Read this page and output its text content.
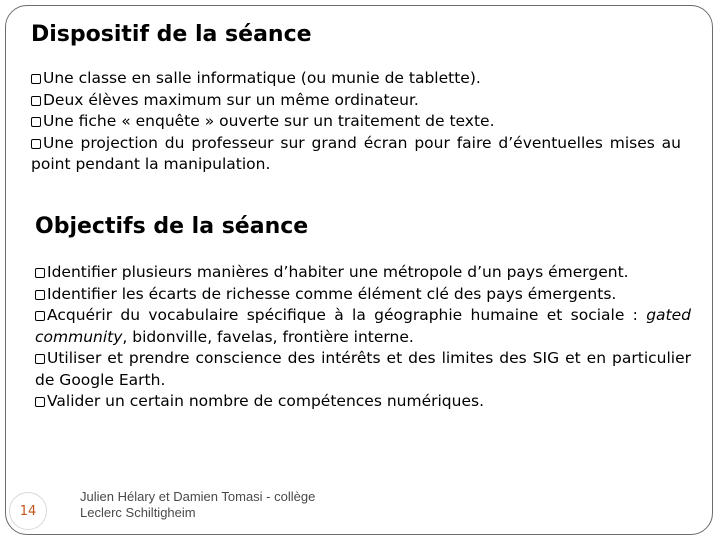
Dispositif de la séance
Une classe en salle informatique (ou munie de tablette).
Deux élèves maximum sur un même ordinateur.
Une fiche « enquête » ouverte sur un traitement de texte.
Une projection du professeur sur grand écran pour faire d’éventuelles mises au point pendant la manipulation.
Objectifs de la séance
Identifier plusieurs manières d’habiter une métropole d’un pays émergent.
Identifier les écarts de richesse comme élément clé des pays émergents.
Acquérir du vocabulaire spécifique à la géographie humaine et sociale : gated community, bidonville, favelas, frontière interne.
Utiliser et prendre conscience des intérêts et des limites des SIG et en particulier de Google Earth.
Valider un certain nombre de compétences numériques.
14
Julien Hélary et Damien Tomasi - collège Leclerc Schiltigheim
